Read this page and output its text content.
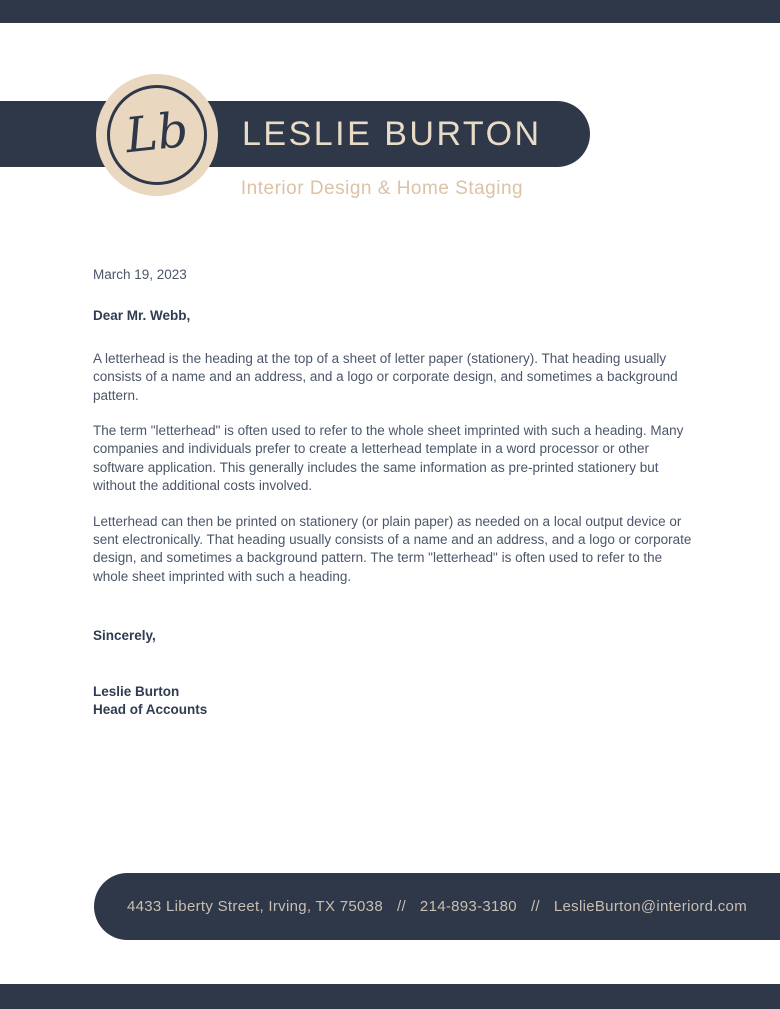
Lb	LESLIE BURTON
Interior Design & Home Staging

March 19, 2023

Dear Mr. Webb,

A letterhead is the heading at the top of a sheet of letter paper (stationery). That heading usually consists of a name and an address, and a logo or corporate design, and sometimes a background pattern.

The term "letterhead" is often used to refer to the whole sheet imprinted with such a heading. Many companies and individuals prefer to create a letterhead template in a word processor or other software application. This generally includes the same information as pre-printed stationery but without the additional costs involved.

Letterhead can then be printed on stationery (or plain paper) as needed on a local output device or sent electronically. That heading usually consists of a name and an address, and a logo or corporate design, and sometimes a background pattern. The term "letterhead" is often used to refer to the whole sheet imprinted with such a heading.

Sincerely,

Leslie Burton

Head of Accounts

4433 Liberty Street, Irving, TX 75038 // 214-893-3180 // LeslieBurton@interiord.com
